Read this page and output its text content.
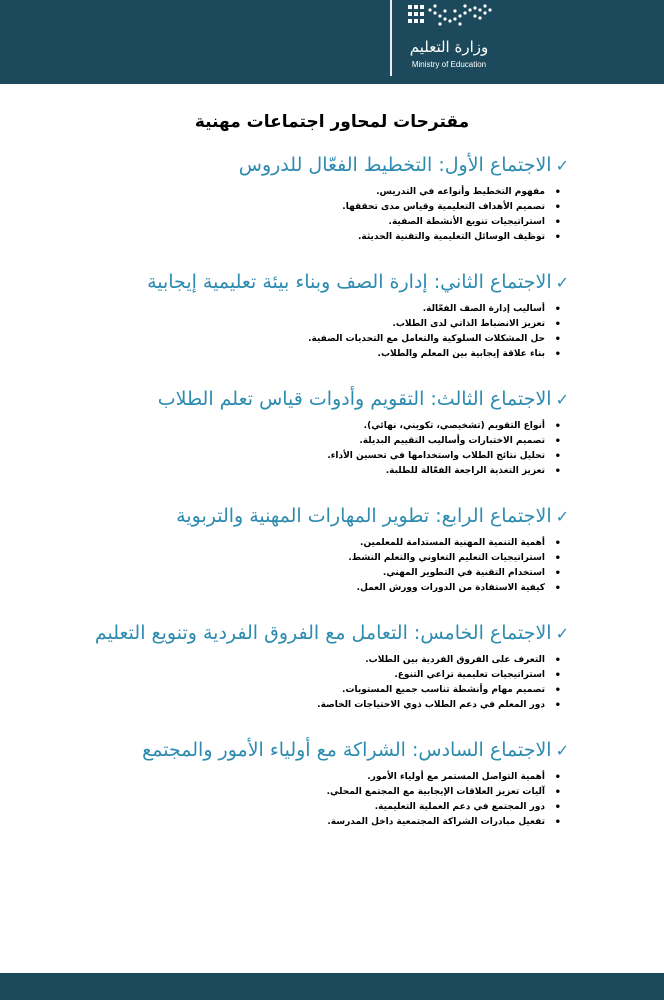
وزارة التعليم
Ministry of Education
مقترحات لمحاور اجتماعات مهنية
✓الاجتماع الأول: التخطيط الفعّال للدروس
• مفهوم التخطيط وأنواعه في التدريس.
• تصميم الأهداف التعليمية وقياس مدى تحققها.
• استراتيجيات تنويع الأنشطة الصفية.
• توظيف الوسائل التعليمية والتقنية الحديثة.
✓الاجتماع الثاني: إدارة الصف وبناء بيئة تعليمية إيجابية
• أساليب إدارة الصف الفعّالة.
• تعزيز الانضباط الذاتي لدى الطلاب.
• حل المشكلات السلوكية والتعامل مع التحديات الصفية.
• بناء علاقة إيجابية بين المعلم والطلاب.
✓الاجتماع الثالث: التقويم وأدوات قياس تعلم الطلاب
• أنواع التقويم (تشخيصي، تكويني، نهائي).
• تصميم الاختبارات وأساليب التقييم البديلة.
• تحليل نتائج الطلاب واستخدامها في تحسين الأداء.
• تعزيز التغذية الراجعة الفعّالة للطلبة.
✓الاجتماع الرابع: تطوير المهارات المهنية والتربوية
• أهمية التنمية المهنية المستدامة للمعلمين.
• استراتيجيات التعليم التعاوني والتعلم النشط.
• استخدام التقنية في التطوير المهني.
• كيفية الاستفادة من الدورات وورش العمل.
✓الاجتماع الخامس: التعامل مع الفروق الفردية وتنويع التعليم
• التعرف على الفروق الفردية بين الطلاب.
• استراتيجيات تعليمية تراعي التنوع.
• تصميم مهام وأنشطة تناسب جميع المستويات.
• دور المعلم في دعم الطلاب ذوي الاحتياجات الخاصة.
✓الاجتماع السادس: الشراكة مع أولياء الأمور والمجتمع
• أهمية التواصل المستمر مع أولياء الأمور.
• آليات تعزيز العلاقات الإيجابية مع المجتمع المحلي.
• دور المجتمع في دعم العملية التعليمية.
• تفعيل مبادرات الشراكة المجتمعية داخل المدرسة.
